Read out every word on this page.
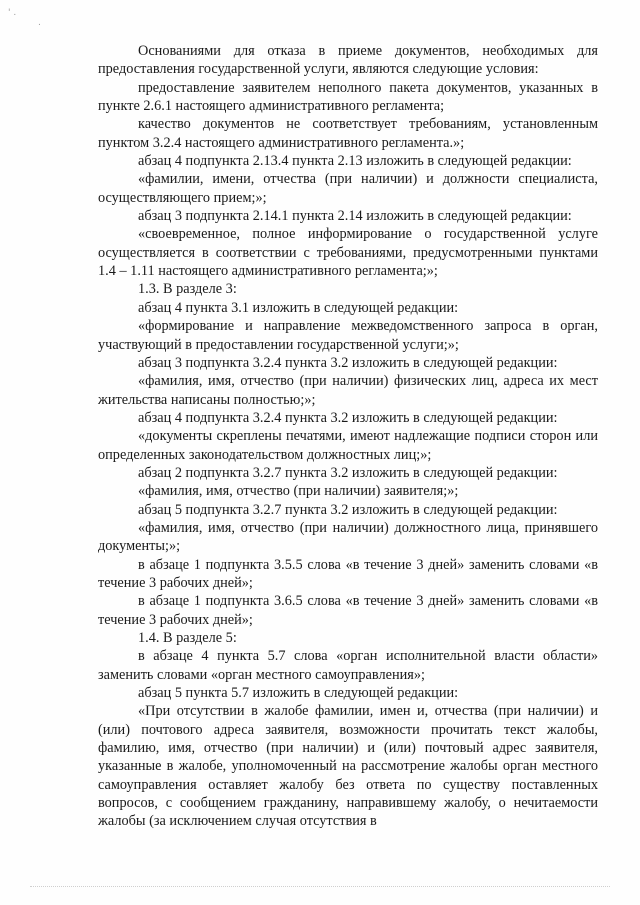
' .
.

Основаниями для отказа в приеме документов, необходимых для предоставления государственной услуги, являются следующие условия:

предоставление заявителем неполного пакета документов, указанных в пункте 2.6.1 настоящего административного регламента;

качество документов не соответствует требованиям, установленным пунктом 3.2.4 настоящего административного регламента.»;

абзац 4 подпункта 2.13.4 пункта 2.13 изложить в следующей редакции:

«фамилии, имени, отчества (при наличии) и должности специалиста, осуществляющего прием;»;

абзац 3 подпункта 2.14.1 пункта 2.14 изложить в следующей редакции:

«своевременное, полное информирование о государственной услуге осуществляется в соответствии с требованиями, предусмотренными пунктами 1.4 – 1.11 настоящего административного регламента;»;

1.3. В разделе 3:

абзац 4 пункта 3.1 изложить в следующей редакции:

«формирование и направление межведомственного запроса в орган, участвующий в предоставлении государственной услуги;»;

абзац 3 подпункта 3.2.4 пункта 3.2 изложить в следующей редакции:

«фамилия, имя, отчество (при наличии) физических лиц, адреса их мест жительства написаны полностью;»;

абзац 4 подпункта 3.2.4 пункта 3.2 изложить в следующей редакции:

«документы скреплены печатями, имеют надлежащие подписи сторон или определенных законодательством должностных лиц;»;

абзац 2 подпункта 3.2.7 пункта 3.2 изложить в следующей редакции:

«фамилия, имя, отчество (при наличии) заявителя;»;

абзац 5 подпункта 3.2.7 пункта 3.2 изложить в следующей редакции:

«фамилия, имя, отчество (при наличии) должностного лица, принявшего документы;»;

в абзаце 1 подпункта 3.5.5 слова «в течение 3 дней» заменить словами «в течение 3 рабочих дней»;

в абзаце 1 подпункта 3.6.5 слова «в течение 3 дней» заменить словами «в течение 3 рабочих дней»;

1.4. В разделе 5:

в абзаце 4 пункта 5.7 слова «орган исполнительной власти области» заменить словами «орган местного самоуправления»;

абзац 5 пункта 5.7 изложить в следующей редакции:

«При отсутствии в жалобе фамилии, имен и, отчества (при наличии) и (или) почтового адреса заявителя, возможности прочитать текст жалобы, фамилию, имя, отчество (при наличии) и (или) почтовый адрес заявителя, указанные в жалобе, уполномоченный на рассмотрение жалобы орган местного самоуправления оставляет жалобу без ответа по существу поставленных вопросов, с сообщением гражданину, направившему жалобу, о нечитаемости жалобы (за исключением случая отсутствия в
